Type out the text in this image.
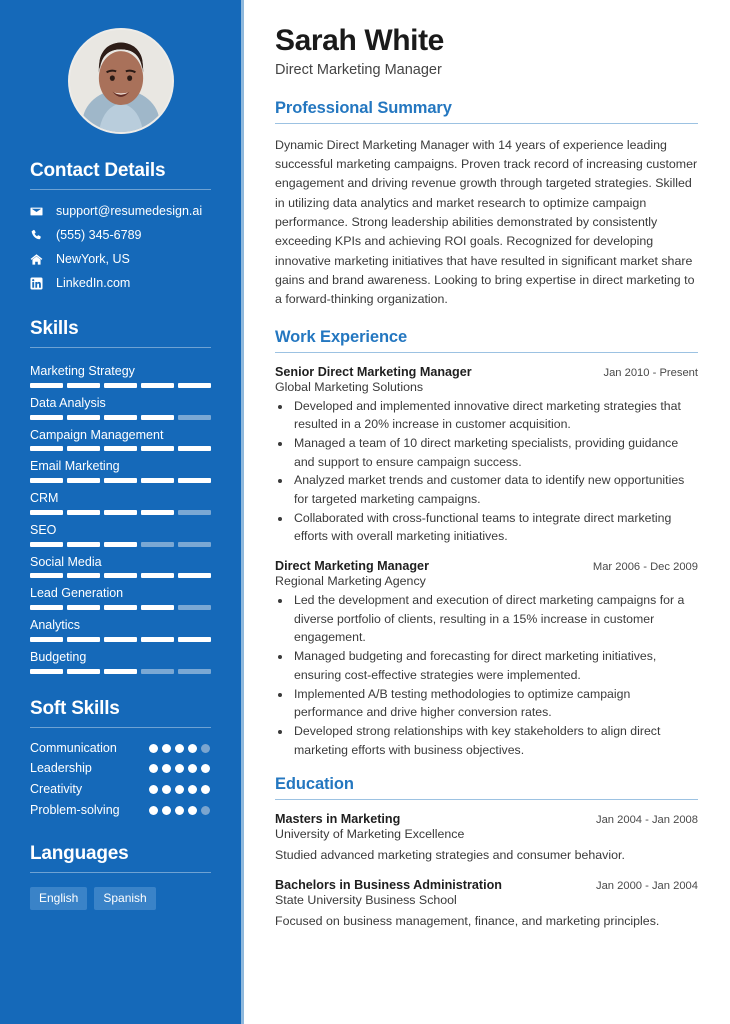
Contact Details
support@resumedesign.ai
(555) 345-6789
NewYork, US
LinkedIn.com
Skills
Marketing Strategy
Data Analysis
Campaign Management
Email Marketing
CRM
SEO
Social Media
Lead Generation
Analytics
Budgeting
Soft Skills
Communication
Leadership
Creativity
Problem-solving
Languages
English	Spanish
Sarah White
Direct Marketing Manager
Professional Summary

Dynamic Direct Marketing Manager with 14 years of experience leading successful marketing campaigns. Proven track record of increasing customer engagement and driving revenue growth through targeted strategies. Skilled in utilizing data analytics and market research to optimize campaign performance. Strong leadership abilities demonstrated by consistently exceeding KPIs and achieving ROI goals. Recognized for developing innovative marketing initiatives that have resulted in significant market share gains and brand awareness. Looking to bring expertise in direct marketing to a forward-thinking organization.

Work Experience
Senior Direct Marketing Manager	Jan 2010 - Present
Global Marketing Solutions
• Developed and implemented innovative direct marketing strategies that resulted in a 20% increase in customer acquisition.
• Managed a team of 10 direct marketing specialists, providing guidance and support to ensure campaign success.
• Analyzed market trends and customer data to identify new opportunities for targeted marketing campaigns.
• Collaborated with cross-functional teams to integrate direct marketing efforts with overall marketing initiatives.
Direct Marketing Manager	Mar 2006 - Dec 2009
Regional Marketing Agency
• Led the development and execution of direct marketing campaigns for a diverse portfolio of clients, resulting in a 15% increase in customer engagement.
• Managed budgeting and forecasting for direct marketing initiatives, ensuring cost-effective strategies were implemented.
• Implemented A/B testing methodologies to optimize campaign performance and drive higher conversion rates.
• Developed strong relationships with key stakeholders to align direct marketing efforts with business objectives.
Education
Masters in Marketing	Jan 2004 - Jan 2008
University of Marketing Excellence
Studied advanced marketing strategies and consumer behavior.
Bachelors in Business Administration	Jan 2000 - Jan 2004
State University Business School
Focused on business management, finance, and marketing principles.
